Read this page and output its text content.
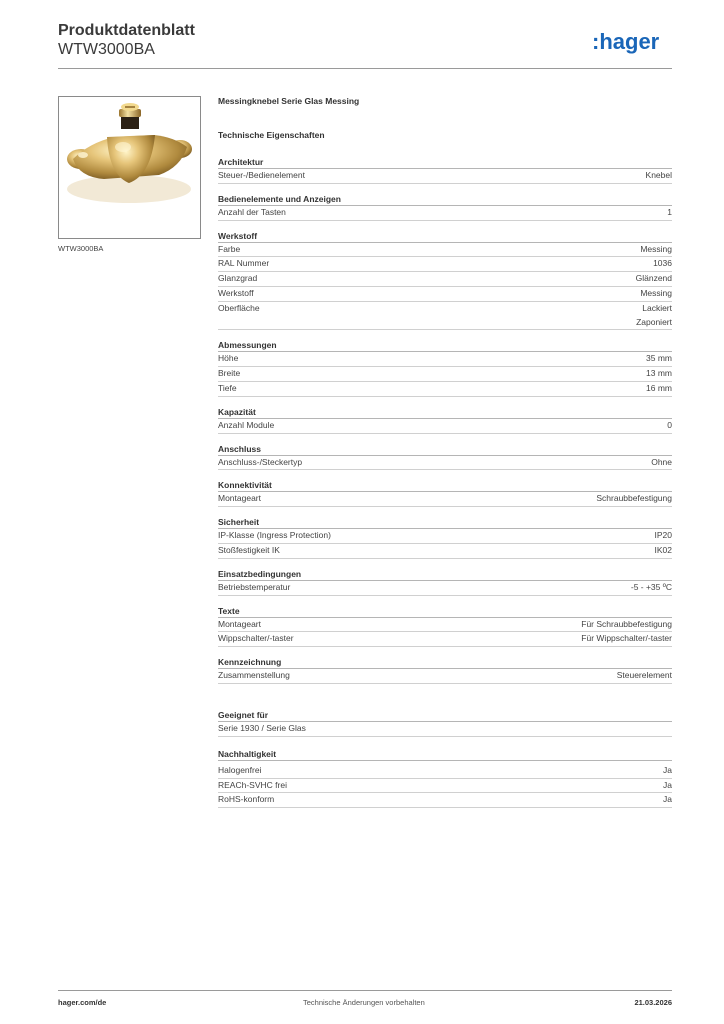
Produktdatenblatt
WTW3000BA	:hager
WTW3000BA
Messingknebel Serie Glas Messing
Technische Eigenschaften
Architektur
Steuer-/Bedienelement	Knebel
Bedienelemente und Anzeigen
Anzahl der Tasten	1
Werkstoff
Farbe	Messing
RAL Nummer	1036
Glanzgrad	Glänzend
Werkstoff	Messing
Oberfläche	Lackiert
Zaponiert
Abmessungen
Höhe	35 mm
Breite	13 mm
Tiefe	16 mm
Kapazität
Anzahl Module	0
Anschluss
Anschluss-/Steckertyp	Ohne
Konnektivität
Montageart	Schraubbefestigung
Sicherheit
IP-Klasse (Ingress Protection)	IP20
Stoßfestigkeit IK	IK02
Einsatzbedingungen
Betriebstemperatur	-5 - +35 ºC
Texte
Montageart	Für Schraubbefestigung
Wippschalter/-taster	Für Wippschalter/-taster
Kennzeichnung
Zusammenstellung	Steuerelement
Geeignet für
Serie 1930 / Serie Glas
Nachhaltigkeit
Halogenfrei	Ja
REACh-SVHC frei	Ja
RoHS-konform	Ja
hager.com/de	Technische Änderungen vorbehalten	21.03.2026
